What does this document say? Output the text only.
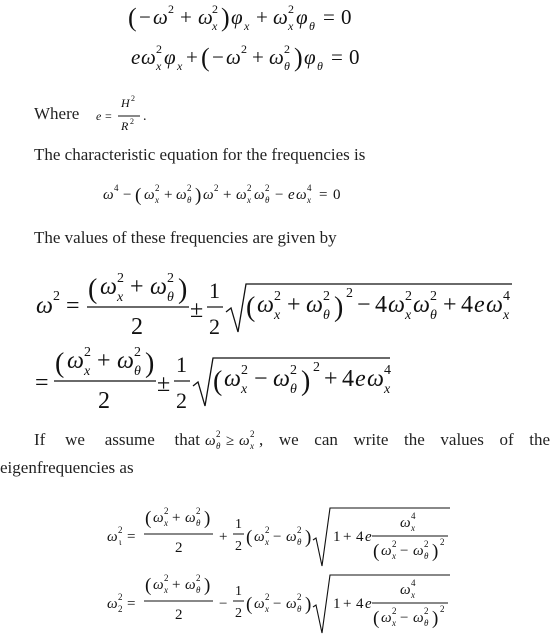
( − ω 2 + ω 2
x ) φ x + ω 2
x φ θ = 0
e ω 2
x φ x + ( − ω 2 + ω 2
θ ) φ θ = 0
e =
H 2
R 2 .
ω 4 − ( ω 2
x + ω 2
θ ) ω 2 + ω 2
x ω 2
θ − e ω 4
x = 0
ω 2 =
( ω 2
x + ω 2
θ )
2
±
1
2
( ω 2
x + ω 2
θ ) 2 − 4 ω 2
x ω 2
θ + 4 e ω 4
x
=
( ω 2
x + ω 2
θ )
2
±
1
2
( ω 2
x − ω 2
θ ) 2 + 4 e ω 4
x
ω 2
θ ≥ ω 2
x
ω 2
ι =
( ω 2
x + ω 2
θ )
2
+
1
2 ( ω 2
x − ω 2
θ ) 1 + 4 e
ω 4
x
( ω 2
x − ω 2
θ ) 2
ω 2
2 =
( ω 2
x + ω 2
θ )
2
−
1
2 ( ω 2
x − ω 2
θ ) 1 + 4 e
ω 4
x
( ω 2
x − ω 2
θ ) 2
Where
The characteristic equation for the frequencies is
The values of these frequencies are given by
If we assume that	, we can write the values of the
eigenfrequencies as
